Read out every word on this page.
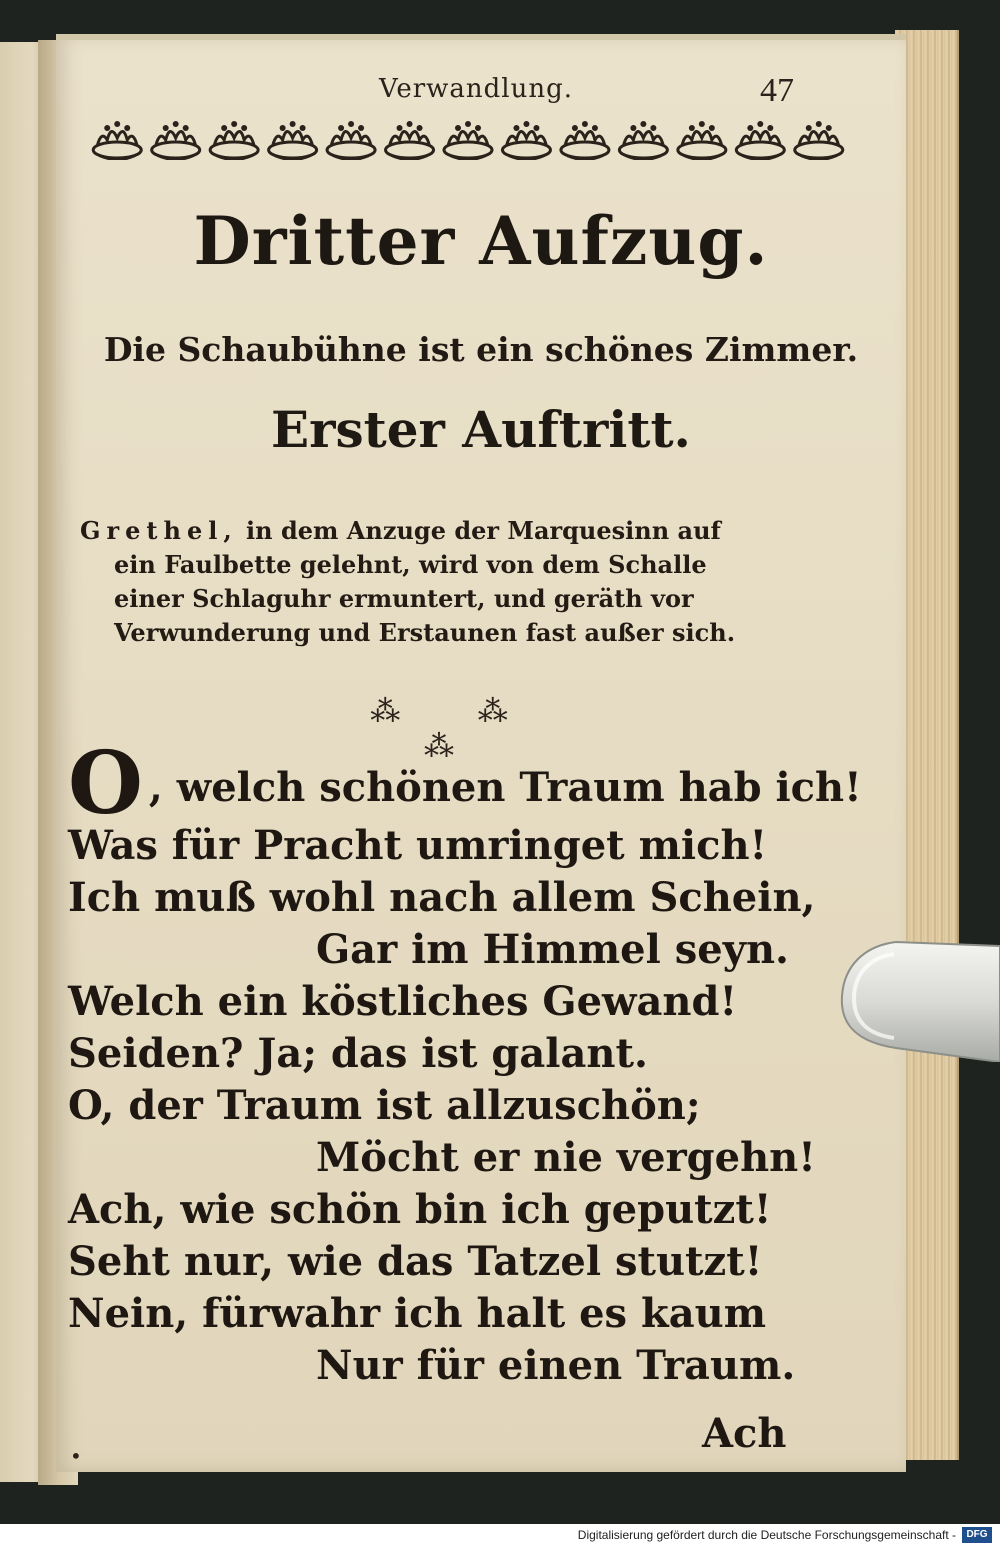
Verwandlung.	47
Dritter Aufzug.
Die Schaubühne ist ein schönes Zimmer.
Erster Auftritt.
Grethel, in dem Anzuge der Marquesinn auf
ein Faulbette gelehnt, wird von dem Schalle
einer Schlaguhr ermuntert, und geräth vor
Verwunderung und Erstaunen fast außer sich.
⁂ ⁂ ⁂
O , welch schönen Traum hab ich!
Was für Pracht umringet mich!
Ich muß wohl nach allem Schein,
Gar im Himmel seyn.
Welch ein köstliches Gewand!
Seiden? Ja; das ist galant.
O, der Traum ist allzuschön;
Möcht er nie vergehn!
Ach, wie schön bin ich geputzt!
Seht nur, wie das Tatzel stutzt!
Nein, fürwahr ich halt es kaum
Nur für einen Traum.
Ach
•
Digitalisierung gefördert durch die Deutsche Forschungsgemeinschaft -	DFG
